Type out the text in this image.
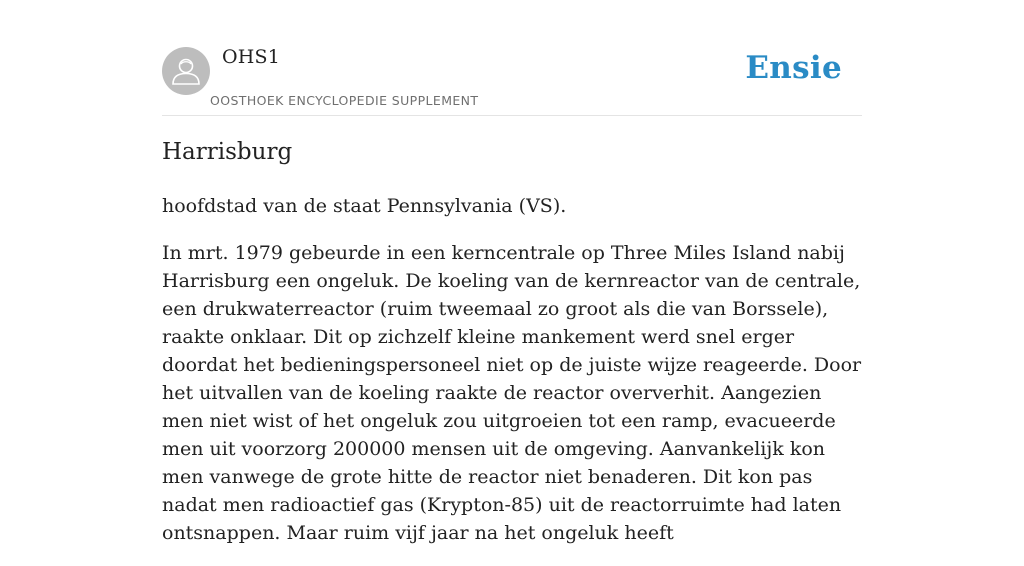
OHS1
OOSTHOEK ENCYCLOPEDIE SUPPLEMENT
Ensie
Harrisburg

hoofdstad van de staat Pennsylvania (VS).

In mrt. 1979 gebeurde in een kerncentrale op Three Miles Island nabij Harrisburg een ongeluk. De koeling van de kernreactor van de centrale, een drukwaterreactor (ruim tweemaal zo groot als die van Borssele), raakte onklaar. Dit op zichzelf kleine mankement werd snel erger doordat het bedieningspersoneel niet op de juiste wijze reageerde. Door het uitvallen van de koeling raakte de reactor oververhit. Aangezien men niet wist of het ongeluk zou uitgroeien tot een ramp, evacueerde men uit voorzorg 200000 mensen uit de omgeving. Aanvankelijk kon men vanwege de grote hitte de reactor niet benaderen. Dit kon pas nadat men radioactief gas (Krypton-85) uit de reactorruimte had laten ontsnappen. Maar ruim vijf jaar na het ongeluk heeft
